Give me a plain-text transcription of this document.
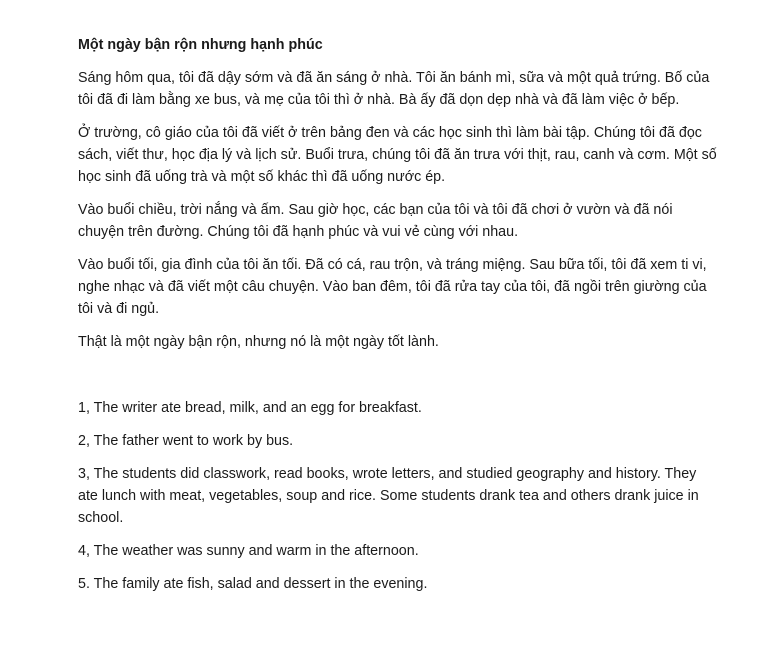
Một ngày bận rộn nhưng hạnh phúc

Sáng hôm qua, tôi đã dậy sớm và đã ăn sáng ở nhà. Tôi ăn bánh mì, sữa và một quả trứng. Bố của tôi đã đi làm bằng xe bus, và mẹ của tôi thì ở nhà. Bà ấy đã dọn dẹp nhà và đã làm việc ở bếp.

Ở trường, cô giáo của tôi đã viết ở trên bảng đen và các học sinh thì làm bài tập. Chúng tôi đã đọc sách, viết thư, học địa lý và lịch sử. Buổi trưa, chúng tôi đã ăn trưa với thịt, rau, canh và cơm. Một số học sinh đã uống trà và một số khác thì đã uống nước ép.

Vào buổi chiều, trời nắng và ấm. Sau giờ học, các bạn của tôi và tôi đã chơi ở vườn và đã nói chuyện trên đường. Chúng tôi đã hạnh phúc và vui vẻ cùng với nhau.

Vào buổi tối, gia đình của tôi ăn tối. Đã có cá, rau trộn, và tráng miệng. Sau bữa tối, tôi đã xem ti vi, nghe nhạc và đã viết một câu chuyện. Vào ban đêm, tôi đã rửa tay của tôi, đã ngồi trên giường của tôi và đi ngủ.

Thật là một ngày bận rộn, nhưng nó là một ngày tốt lành.

1, The writer ate bread, milk, and an egg for breakfast.

2, The father went to work by bus.

3, The students did classwork, read books, wrote letters, and studied geography and history. They ate lunch with meat, vegetables, soup and rice. Some students drank tea and others drank juice in school.

4, The weather was sunny and warm in the afternoon.

5. The family ate fish, salad and dessert in the evening.
